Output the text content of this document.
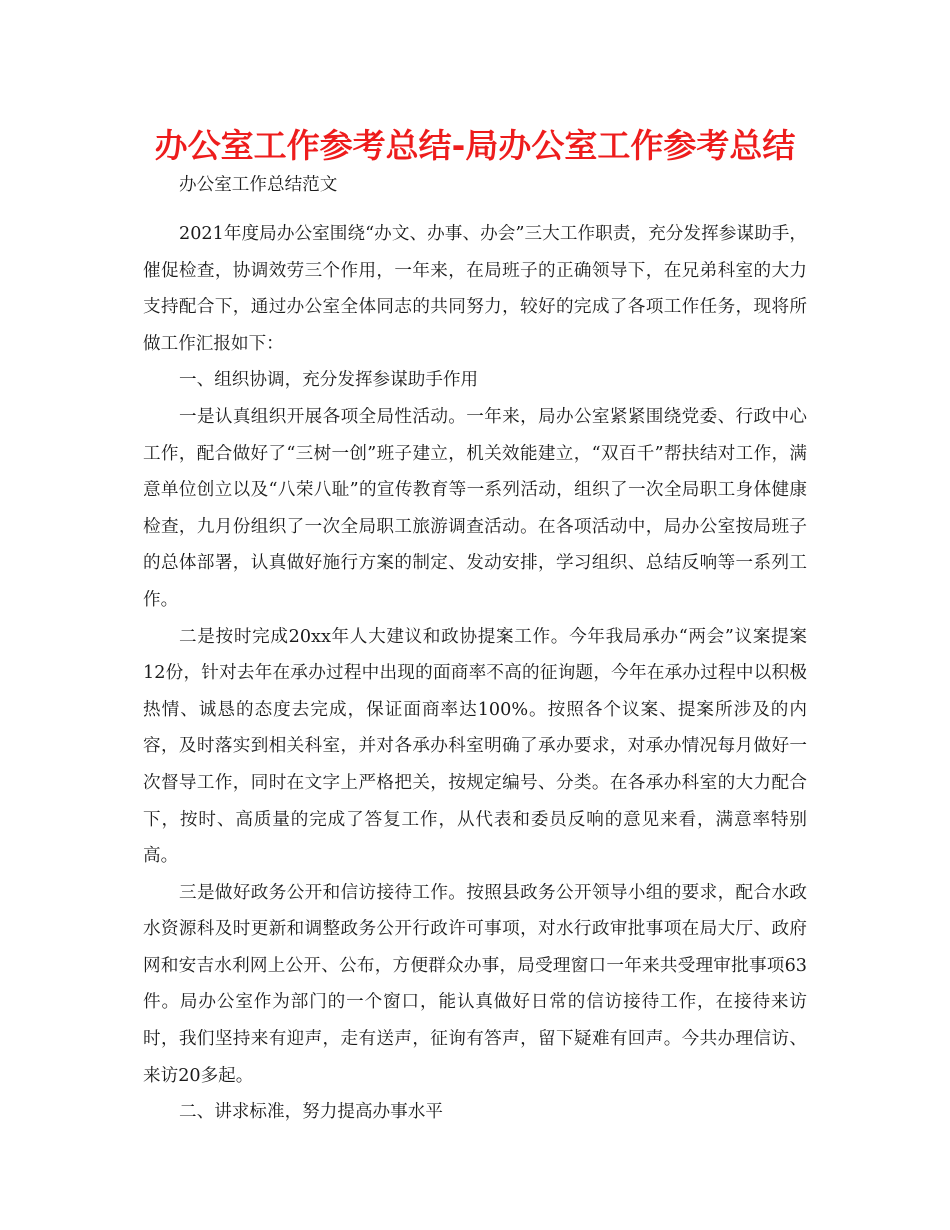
办公室工作参考总结-局办公室工作参考总结

办公室工作总结范文

2021年度局办公室围绕“办文、办事、办会”三大工作职责，充分发挥参谋助手，催促检查，协调效劳三个作用，一年来，在局班子的正确领导下，在兄弟科室的大力支持配合下，通过办公室全体同志的共同努力，较好的完成了各项工作任务，现将所做工作汇报如下：

一、组织协调，充分发挥参谋助手作用

一是认真组织开展各项全局性活动。一年来，局办公室紧紧围绕党委、行政中心工作，配合做好了“三树一创”班子建立，机关效能建立，“双百千”帮扶结对工作，满意单位创立以及“八荣八耻”的宣传教育等一系列活动，组织了一次全局职工身体健康检查，九月份组织了一次全局职工旅游调查活动。在各项活动中，局办公室按局班子的总体部署，认真做好施行方案的制定、发动安排，学习组织、总结反响等一系列工作。

二是按时完成20xx年人大建议和政协提案工作。今年我局承办“两会”议案提案12份，针对去年在承办过程中出现的面商率不高的征询题，今年在承办过程中以积极热情、诚恳的态度去完成，保证面商率达100%。按照各个议案、提案所涉及的内容，及时落实到相关科室，并对各承办科室明确了承办要求，对承办情况每月做好一次督导工作，同时在文字上严格把关，按规定编号、分类。在各承办科室的大力配合下，按时、高质量的完成了答复工作，从代表和委员反响的意见来看，满意率特别高。

三是做好政务公开和信访接待工作。按照县政务公开领导小组的要求，配合水政水资源科及时更新和调整政务公开行政许可事项，对水行政审批事项在局大厅、政府网和安吉水利网上公开、公布，方便群众办事，局受理窗口一年来共受理审批事项63件。局办公室作为部门的一个窗口，能认真做好日常的信访接待工作，在接待来访时，我们坚持来有迎声，走有送声，征询有答声，留下疑难有回声。今共办理信访、来访20多起。

二、讲求标准，努力提高办事水平
